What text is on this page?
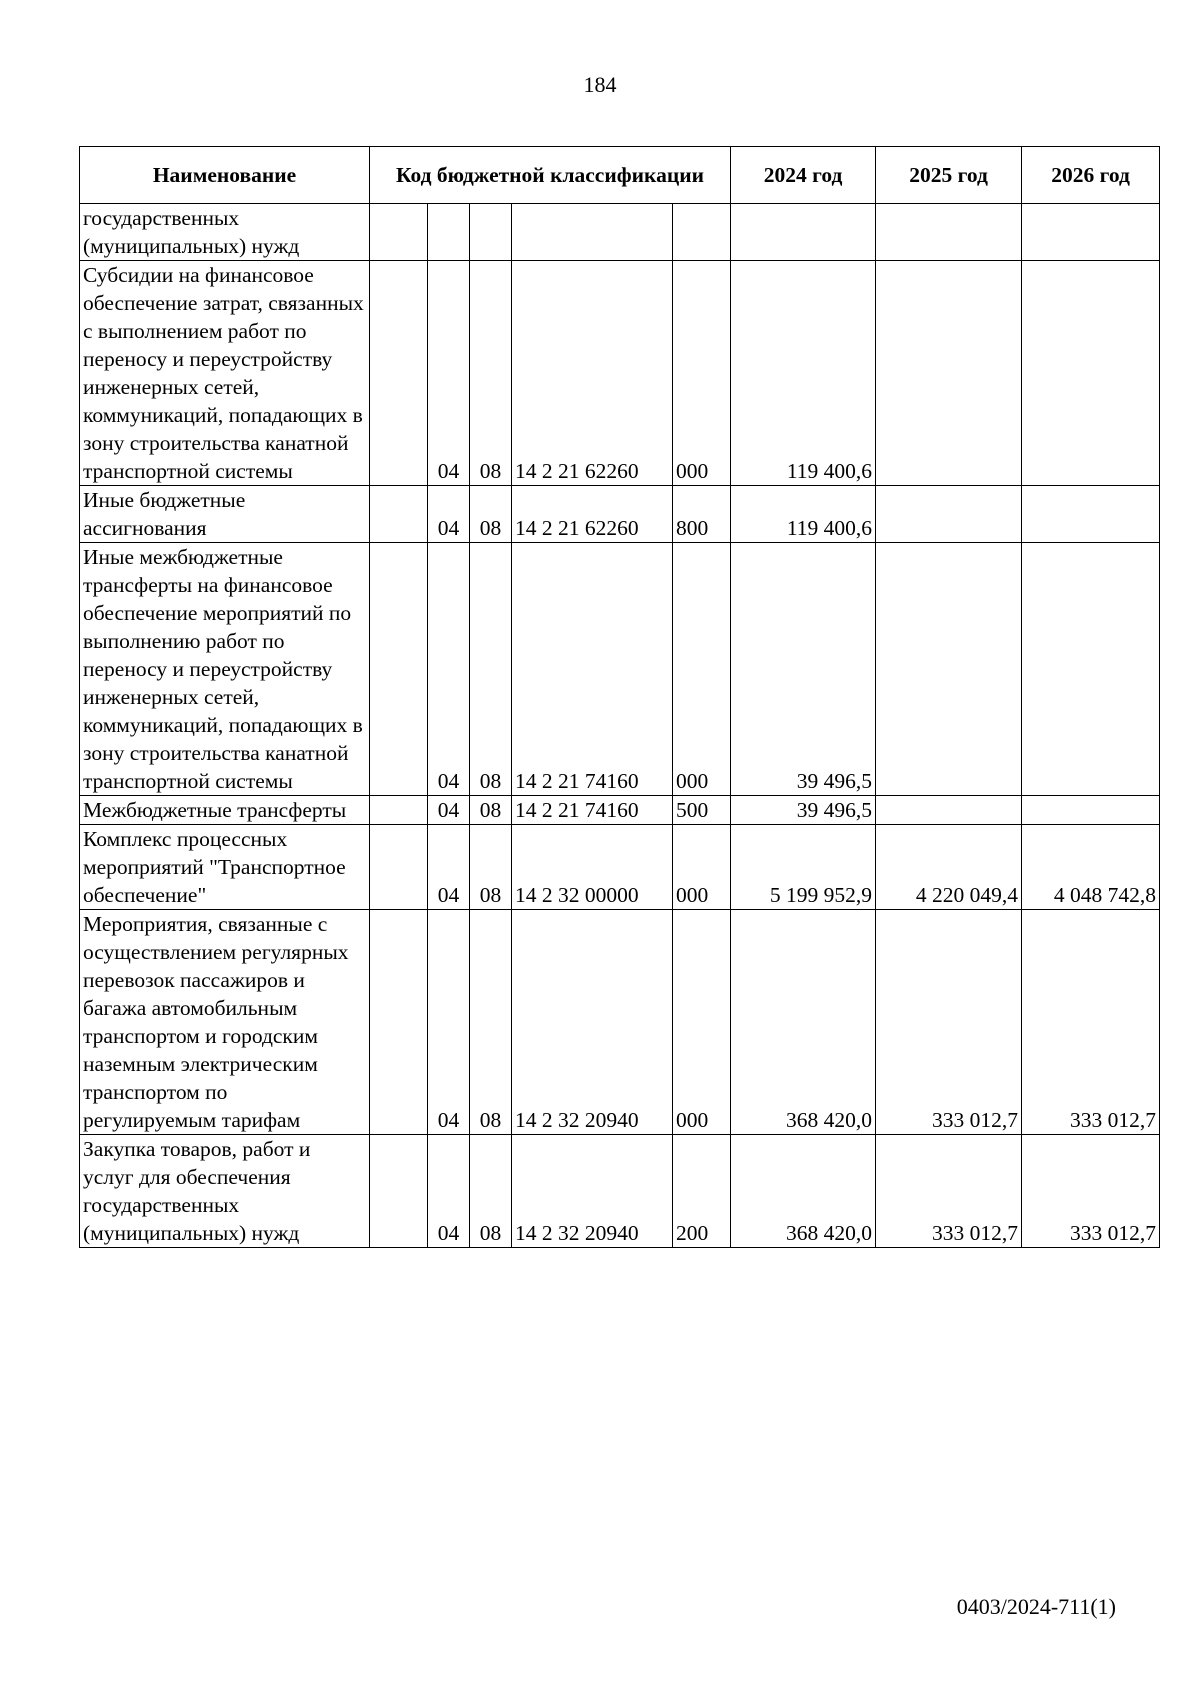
184
Наименование	Код бюджетной классификации					2024 год	2025 год	2026 год
государственных (муниципальных) нужд								
Субсидии на финансовое обеспечение затрат, связанных с выполнением работ по переносу и переустройству инженерных сетей, коммуникаций, попадающих в зону строительства канатной транспортной системы		04	08	14 2 21 62260	000	119 400,6		
Иные бюджетные ассигнования		04	08	14 2 21 62260	800	119 400,6		
Иные межбюджетные трансферты на финансовое обеспечение мероприятий по выполнению работ по переносу и переустройству инженерных сетей, коммуникаций, попадающих в зону строительства канатной транспортной системы		04	08	14 2 21 74160	000	39 496,5		
Межбюджетные трансферты		04	08	14 2 21 74160	500	39 496,5		
Комплекс процессных мероприятий "Транспортное обеспечение"		04	08	14 2 32 00000	000	5 199 952,9	4 220 049,4	4 048 742,8
Мероприятия, связанные с осуществлением регулярных перевозок пассажиров и багажа автомобильным транспортом и городским наземным электрическим транспортом по регулируемым тарифам		04	08	14 2 32 20940	000	368 420,0	333 012,7	333 012,7
Закупка товаров, работ и услуг для обеспечения государственных (муниципальных) нужд		04	08	14 2 32 20940	200	368 420,0	333 012,7	333 012,7
0403/2024-711(1)
